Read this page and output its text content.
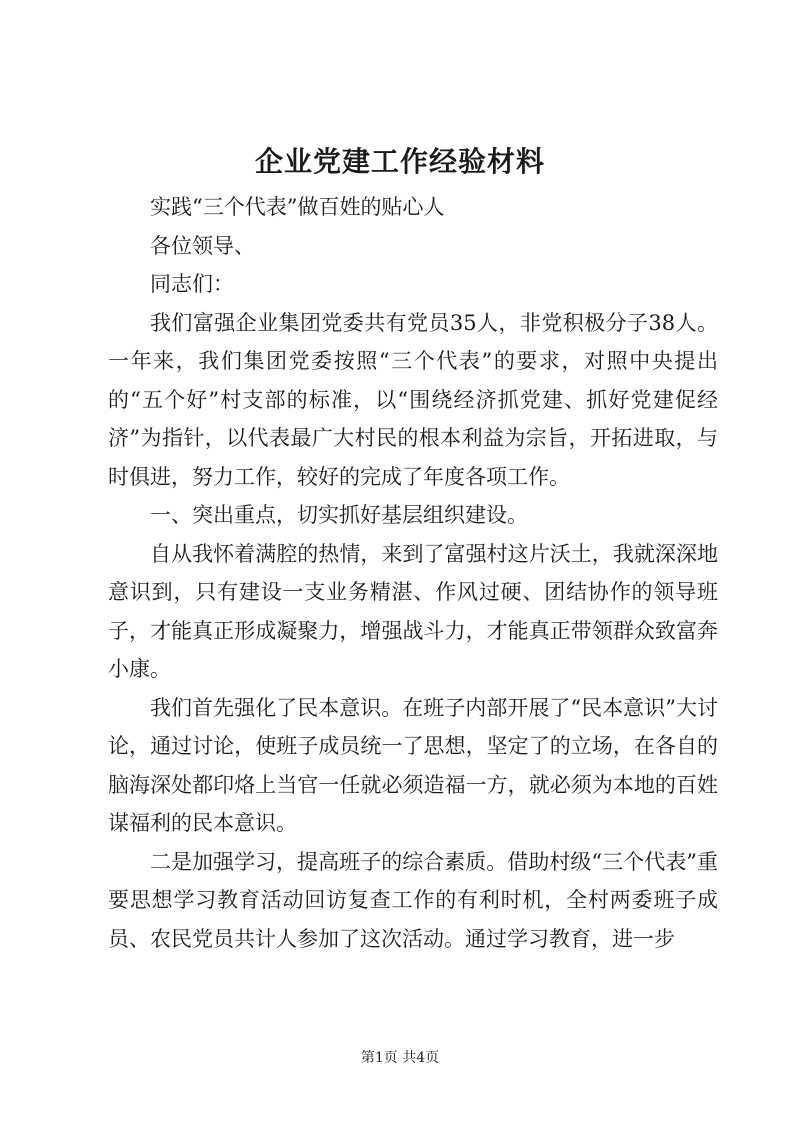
企业党建工作经验材料

实践“三个代表”做百姓的贴心人

各位领导、

同志们：

我们富强企业集团党委共有党员35人，非党积极分子38人。一年来，我们集团党委按照“三个代表”的要求，对照中央提出的“五个好”村支部的标准，以“围绕经济抓党建、抓好党建促经济”为指针，以代表最广大村民的根本利益为宗旨，开拓进取，与时俱进，努力工作，较好的完成了年度各项工作。

一、突出重点，切实抓好基层组织建设。

自从我怀着满腔的热情，来到了富强村这片沃土，我就深深地意识到，只有建设一支业务精湛、作风过硬、团结协作的领导班子，才能真正形成凝聚力，增强战斗力，才能真正带领群众致富奔小康。

我们首先强化了民本意识。在班子内部开展了“民本意识”大讨论，通过讨论，使班子成员统一了思想，坚定了的立场，在各自的脑海深处都印烙上当官一任就必须造福一方，就必须为本地的百姓谋福利的民本意识。

二是加强学习，提高班子的综合素质。借助村级“三个代表”重要思想学习教育活动回访复查工作的有利时机，全村两委班子成员、农民党员共计人参加了这次活动。通过学习教育，进一步

第1页 共4页
